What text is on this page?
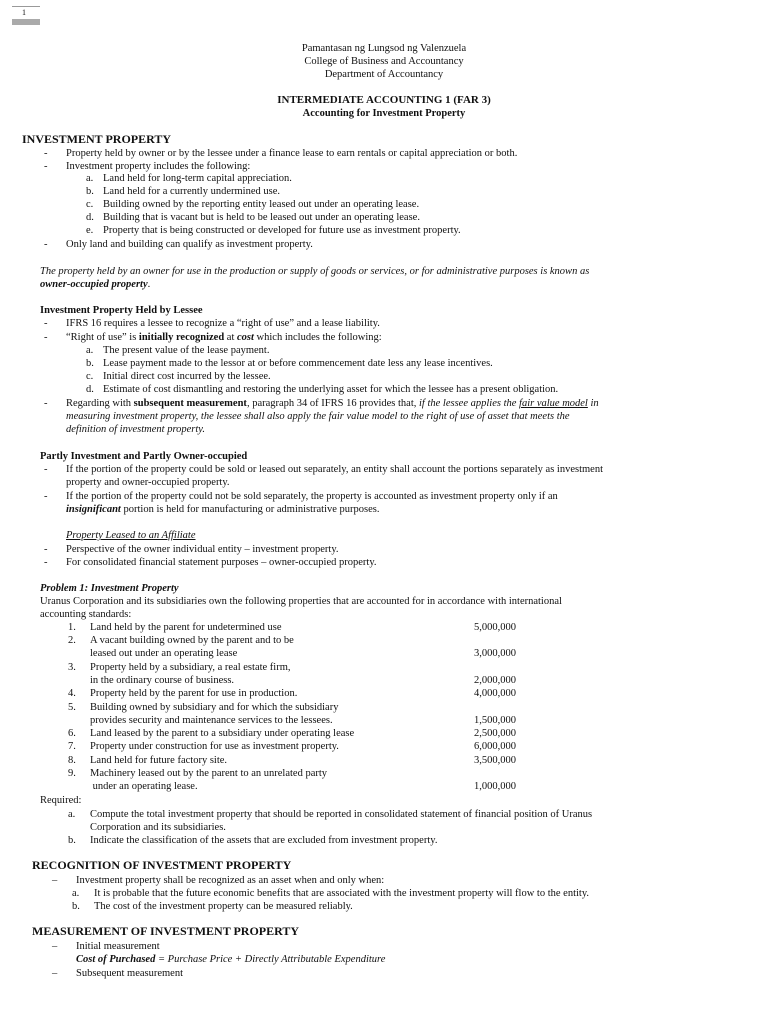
1
Pamantasan ng Lungsod ng Valenzuela
College of Business and Accountancy
Department of Accountancy
INTERMEDIATE ACCOUNTING 1 (FAR 3)
Accounting for Investment Property
INVESTMENT PROPERTY
- Property held by owner or by the lessee under a finance lease to earn rentals or capital appreciation or both.
- Investment property includes the following:
a. Land held for long-term capital appreciation.
b. Land held for a currently undermined use.
c. Building owned by the reporting entity leased out under an operating lease.
d. Building that is vacant but is held to be leased out under an operating lease.
e. Property that is being constructed or developed for future use as investment property.
- Only land and building can qualify as investment property.
The property held by an owner for use in the production or supply of goods or services, or for administrative purposes is known as
owner-occupied property.
Investment Property Held by Lessee
- IFRS 16 requires a lessee to recognize a “right of use” and a lease liability.
- “Right of use” is initially recognized at cost which includes the following:
a. The present value of the lease payment.
b. Lease payment made to the lessor at or before commencement date less any lease incentives.
c. Initial direct cost incurred by the lessee.
d. Estimate of cost dismantling and restoring the underlying asset for which the lessee has a present obligation.
- Regarding with subsequent measurement, paragraph 34 of IFRS 16 provides that, if the lessee applies the fair value model in
measuring investment property, the lessee shall also apply the fair value model to the right of use of asset that meets the
definition of investment property.
Partly Investment and Partly Owner-occupied
- If the portion of the property could be sold or leased out separately, an entity shall account the portions separately as investment
property and owner-occupied property.
- If the portion of the property could not be sold separately, the property is accounted as investment property only if an
insignificant portion is held for manufacturing or administrative purposes.
Property Leased to an Affiliate
- Perspective of the owner individual entity – investment property.
- For consolidated financial statement purposes – owner-occupied property.
Problem 1: Investment Property
Uranus Corporation and its subsidiaries own the following properties that are accounted for in accordance with international
accounting standards:
1. Land held by the parent for undetermined use	5,000,000
2. A vacant building owned by the parent and to be
leased out under an operating lease	3,000,000
3. Property held by a subsidiary, a real estate firm,
in the ordinary course of business.	2,000,000
4. Property held by the parent for use in production.	4,000,000
5. Building owned by subsidiary and for which the subsidiary
provides security and maintenance services to the lessees.	1,500,000
6. Land leased by the parent to a subsidiary under operating lease	2,500,000
7. Property under construction for use as investment property.	6,000,000
8. Land held for future factory site.	3,500,000
9. Machinery leased out by the parent to an unrelated party
under an operating lease.	1,000,000
Required:
a. Compute the total investment property that should be reported in consolidated statement of financial position of Uranus
Corporation and its subsidiaries.
b. Indicate the classification of the assets that are excluded from investment property.
RECOGNITION OF INVESTMENT PROPERTY
– Investment property shall be recognized as an asset when and only when:
a. It is probable that the future economic benefits that are associated with the investment property will flow to the entity.
b. The cost of the investment property can be measured reliably.
MEASUREMENT OF INVESTMENT PROPERTY
– Initial measurement
Cost of Purchased = Purchase Price + Directly Attributable Expenditure
– Subsequent measurement
